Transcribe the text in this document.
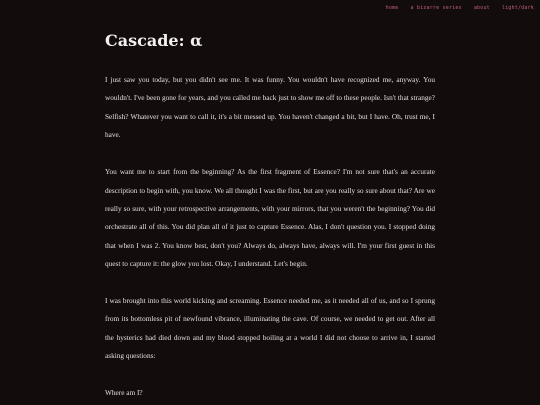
home a bizarre series about light/dark
Cascade: α

I just saw you today, but you didn't see me. It was funny. You wouldn't have recognized me, anyway. You wouldn't. I've been gone for years, and you called me back just to show me off to these people. Isn't that strange? Selfish? Whatever you want to call it, it's a bit messed up. You haven't changed a bit, but I have. Oh, trust me, I have.

You want me to start from the beginning? As the first fragment of Essence? I'm not sure that's an accurate description to begin with, you know. We all thought I was the first, but are you really so sure about that? Are we really so sure, with your retrospective arrangements, with your mirrors, that you weren't the beginning? You did orchestrate all of this. You did plan all of it just to capture Essence. Alas, I don't question you. I stopped doing that when I was 2. You know best, don't you? Always do, always have, always will. I'm your first guest in this quest to capture it: the glow you lost. Okay, I understand. Let's begin.

I was brought into this world kicking and screaming. Essence needed me, as it needed all of us, and so I sprung from its bottomless pit of newfound vibrance, illuminating the cave. Of course, we needed to get out. After all the hysterics had died down and my blood stopped boiling at a world I did not choose to arrive in, I started asking questions:

Where am I?
